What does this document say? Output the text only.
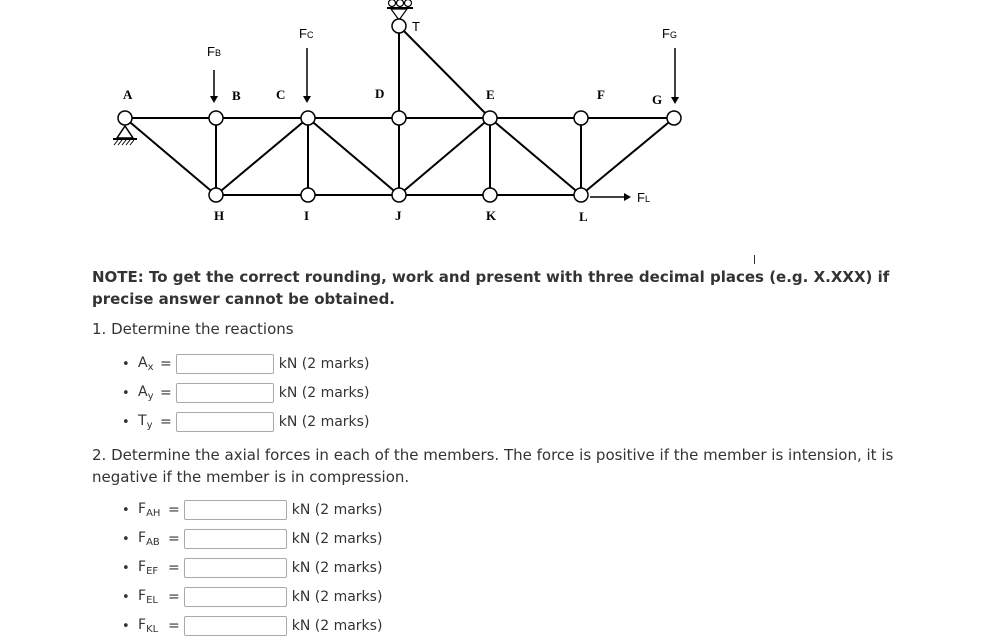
A	B	C	D	E	F	G
H	I	J	K	L
FB
FC
T	FG
FL
NOTE: To get the correct rounding, work and present with three decimal places (e.g. X.XXX) if precise answer cannot be obtained.
1. Determine the reactions
• $A_x$ =	kN (2 marks)
• $A_y$ =	kN (2 marks)
• $T_y$ =	kN (2 marks)
2. Determine the axial forces in each of the members. The force is positive if the member is intension, it is negative if the member is in compression.
• $F_{AH}$ =	kN (2 marks)
• $F_{AB}$ =	kN (2 marks)
• $F_{EF}$ =	kN (2 marks)
• $F_{EL}$ =	kN (2 marks)
• $F_{KL}$ =	kN (2 marks)
